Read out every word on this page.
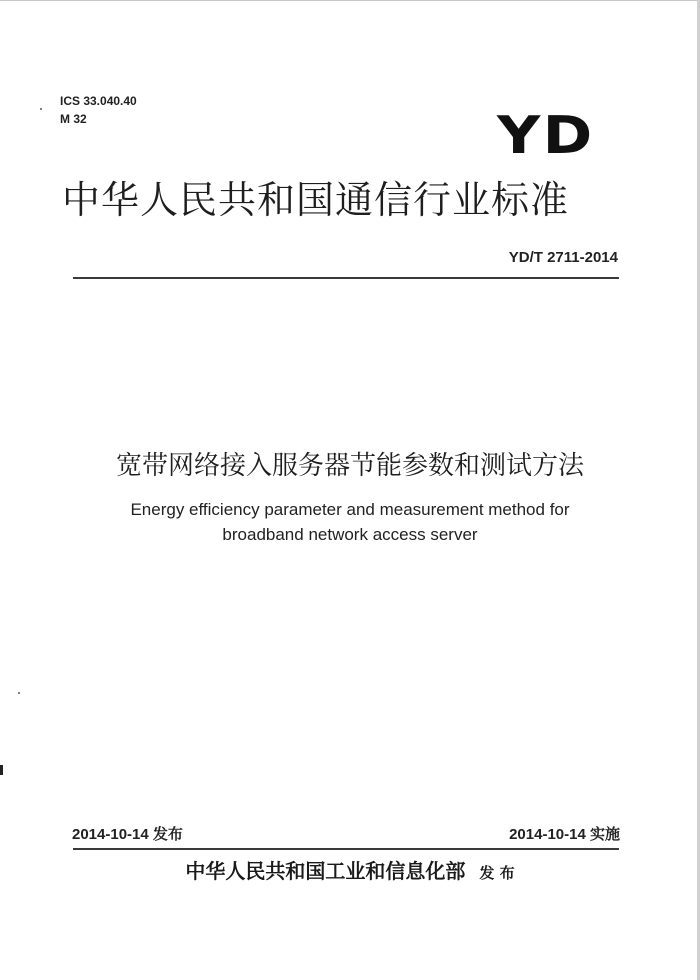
ICS 33.040.40
M 32	YD
中华人民共和国通信行业标准
YD/T 2711-2014
宽带网络接入服务器节能参数和测试方法
Energy efficiency parameter and measurement method for
broadband network access server
2014-10-14 发布	2014-10-14 实施
中华人民共和国工业和信息化部 发 布
